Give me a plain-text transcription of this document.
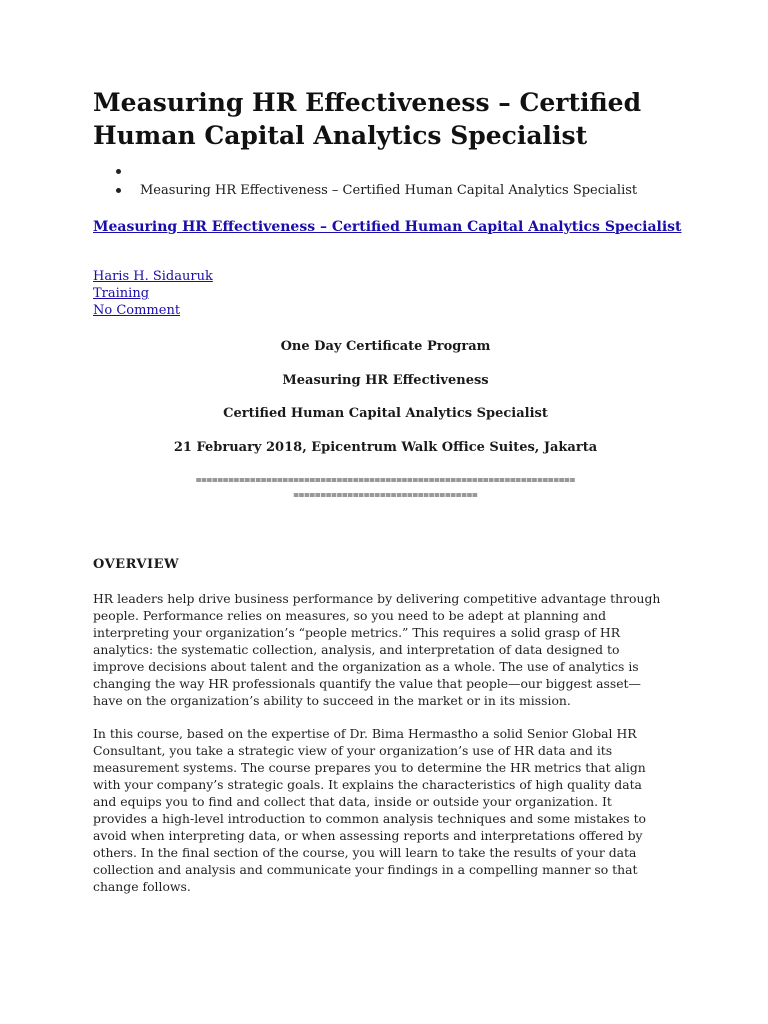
Measuring HR Effectiveness – Certified Human Capital Analytics Specialist
Measuring HR Effectiveness – Certified Human Capital Analytics Specialist
Measuring HR Effectiveness – Certified Human Capital Analytics Specialist
Haris H. Sidauruk
Training
No Comment
One Day Certificate Program
Measuring HR Effectiveness
Certified Human Capital Analytics Specialist
21 February 2018, Epicentrum Walk Office Suites, Jakarta
======================================================================
==================================
OVERVIEW

HR leaders help drive business performance by delivering competitive advantage through people. Performance relies on measures, so you need to be adept at planning and interpreting your organization’s “people metrics.” This requires a solid grasp of HR analytics: the systematic collection, analysis, and interpretation of data designed to improve decisions about talent and the organization as a whole. The use of analytics is changing the way HR professionals quantify the value that people—our biggest asset—have on the organization’s ability to succeed in the market or in its mission.

In this course, based on the expertise of Dr. Bima Hermastho a solid Senior Global HR Consultant, you take a strategic view of your organization’s use of HR data and its measurement systems. The course prepares you to determine the HR metrics that align with your company’s strategic goals. It explains the characteristics of high quality data and equips you to find and collect that data, inside or outside your organization. It provides a high-level introduction to common analysis techniques and some mistakes to avoid when interpreting data, or when assessing reports and interpretations offered by others. In the final section of the course, you will learn to take the results of your data collection and analysis and communicate your findings in a compelling manner so that change follows.
